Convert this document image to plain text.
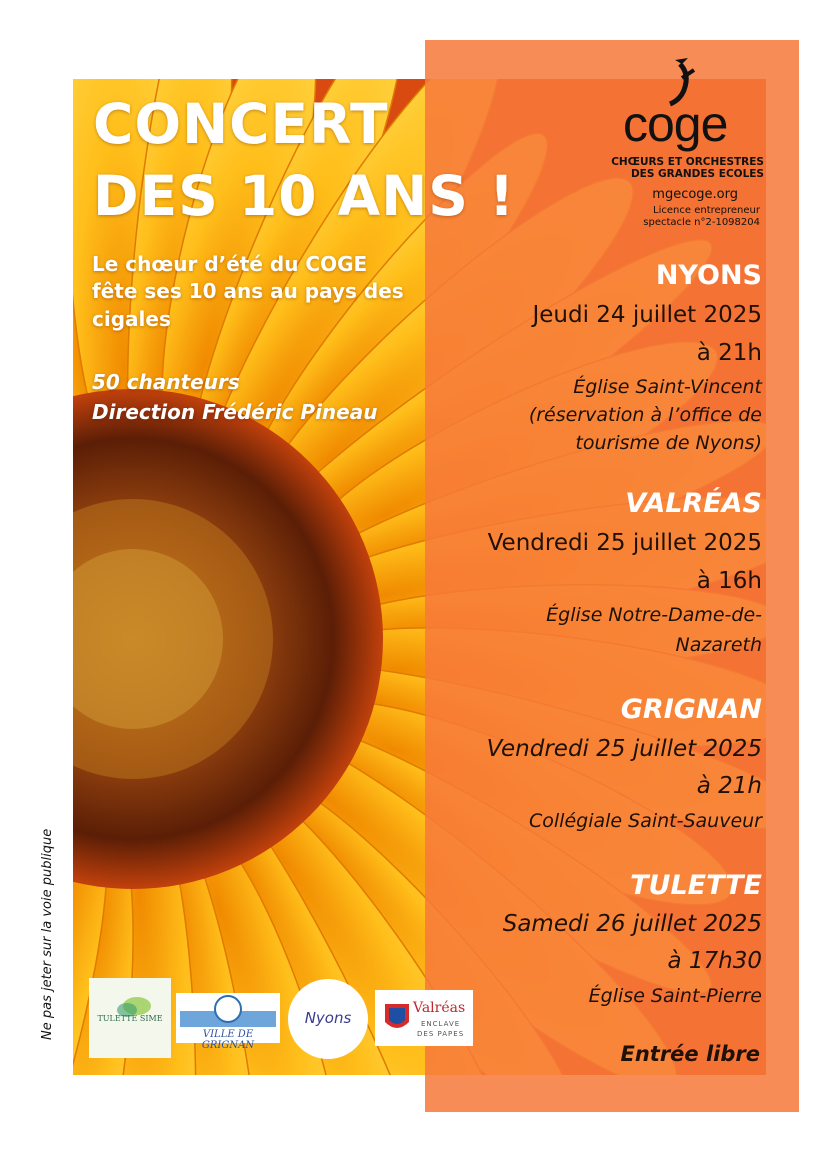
CONCERT
DES 10 ANS !
Le chœur d’été du COGE
fête ses 10 ans au pays des
cigales
50 chanteurs
Direction Frédéric Pineau
coge
CHŒURS ET ORCHESTRES
DES GRANDES ECOLES
mgecoge.org
Licence entrepreneur
spectacle n°2-1098204
NYONS
Jeudi 24 juillet 2025
à 21h
Église Saint-Vincent
(réservation à l’office de
tourisme de Nyons)
VALRÉAS
Vendredi 25 juillet 2025
à 16h
Église Notre-Dame-de-
Nazareth
GRIGNAN
Vendredi 25 juillet 2025
à 21h
Collégiale Saint-Sauveur
TULETTE
Samedi 26 juillet 2025
à 17h30
Église Saint-Pierre
Entrée libre
Ne pas jeter sur la voie publique	TULETTE SIME
VILLE DE GRIGNAN
Nyons
Valréas
ENCLAVE
DES PAPES
